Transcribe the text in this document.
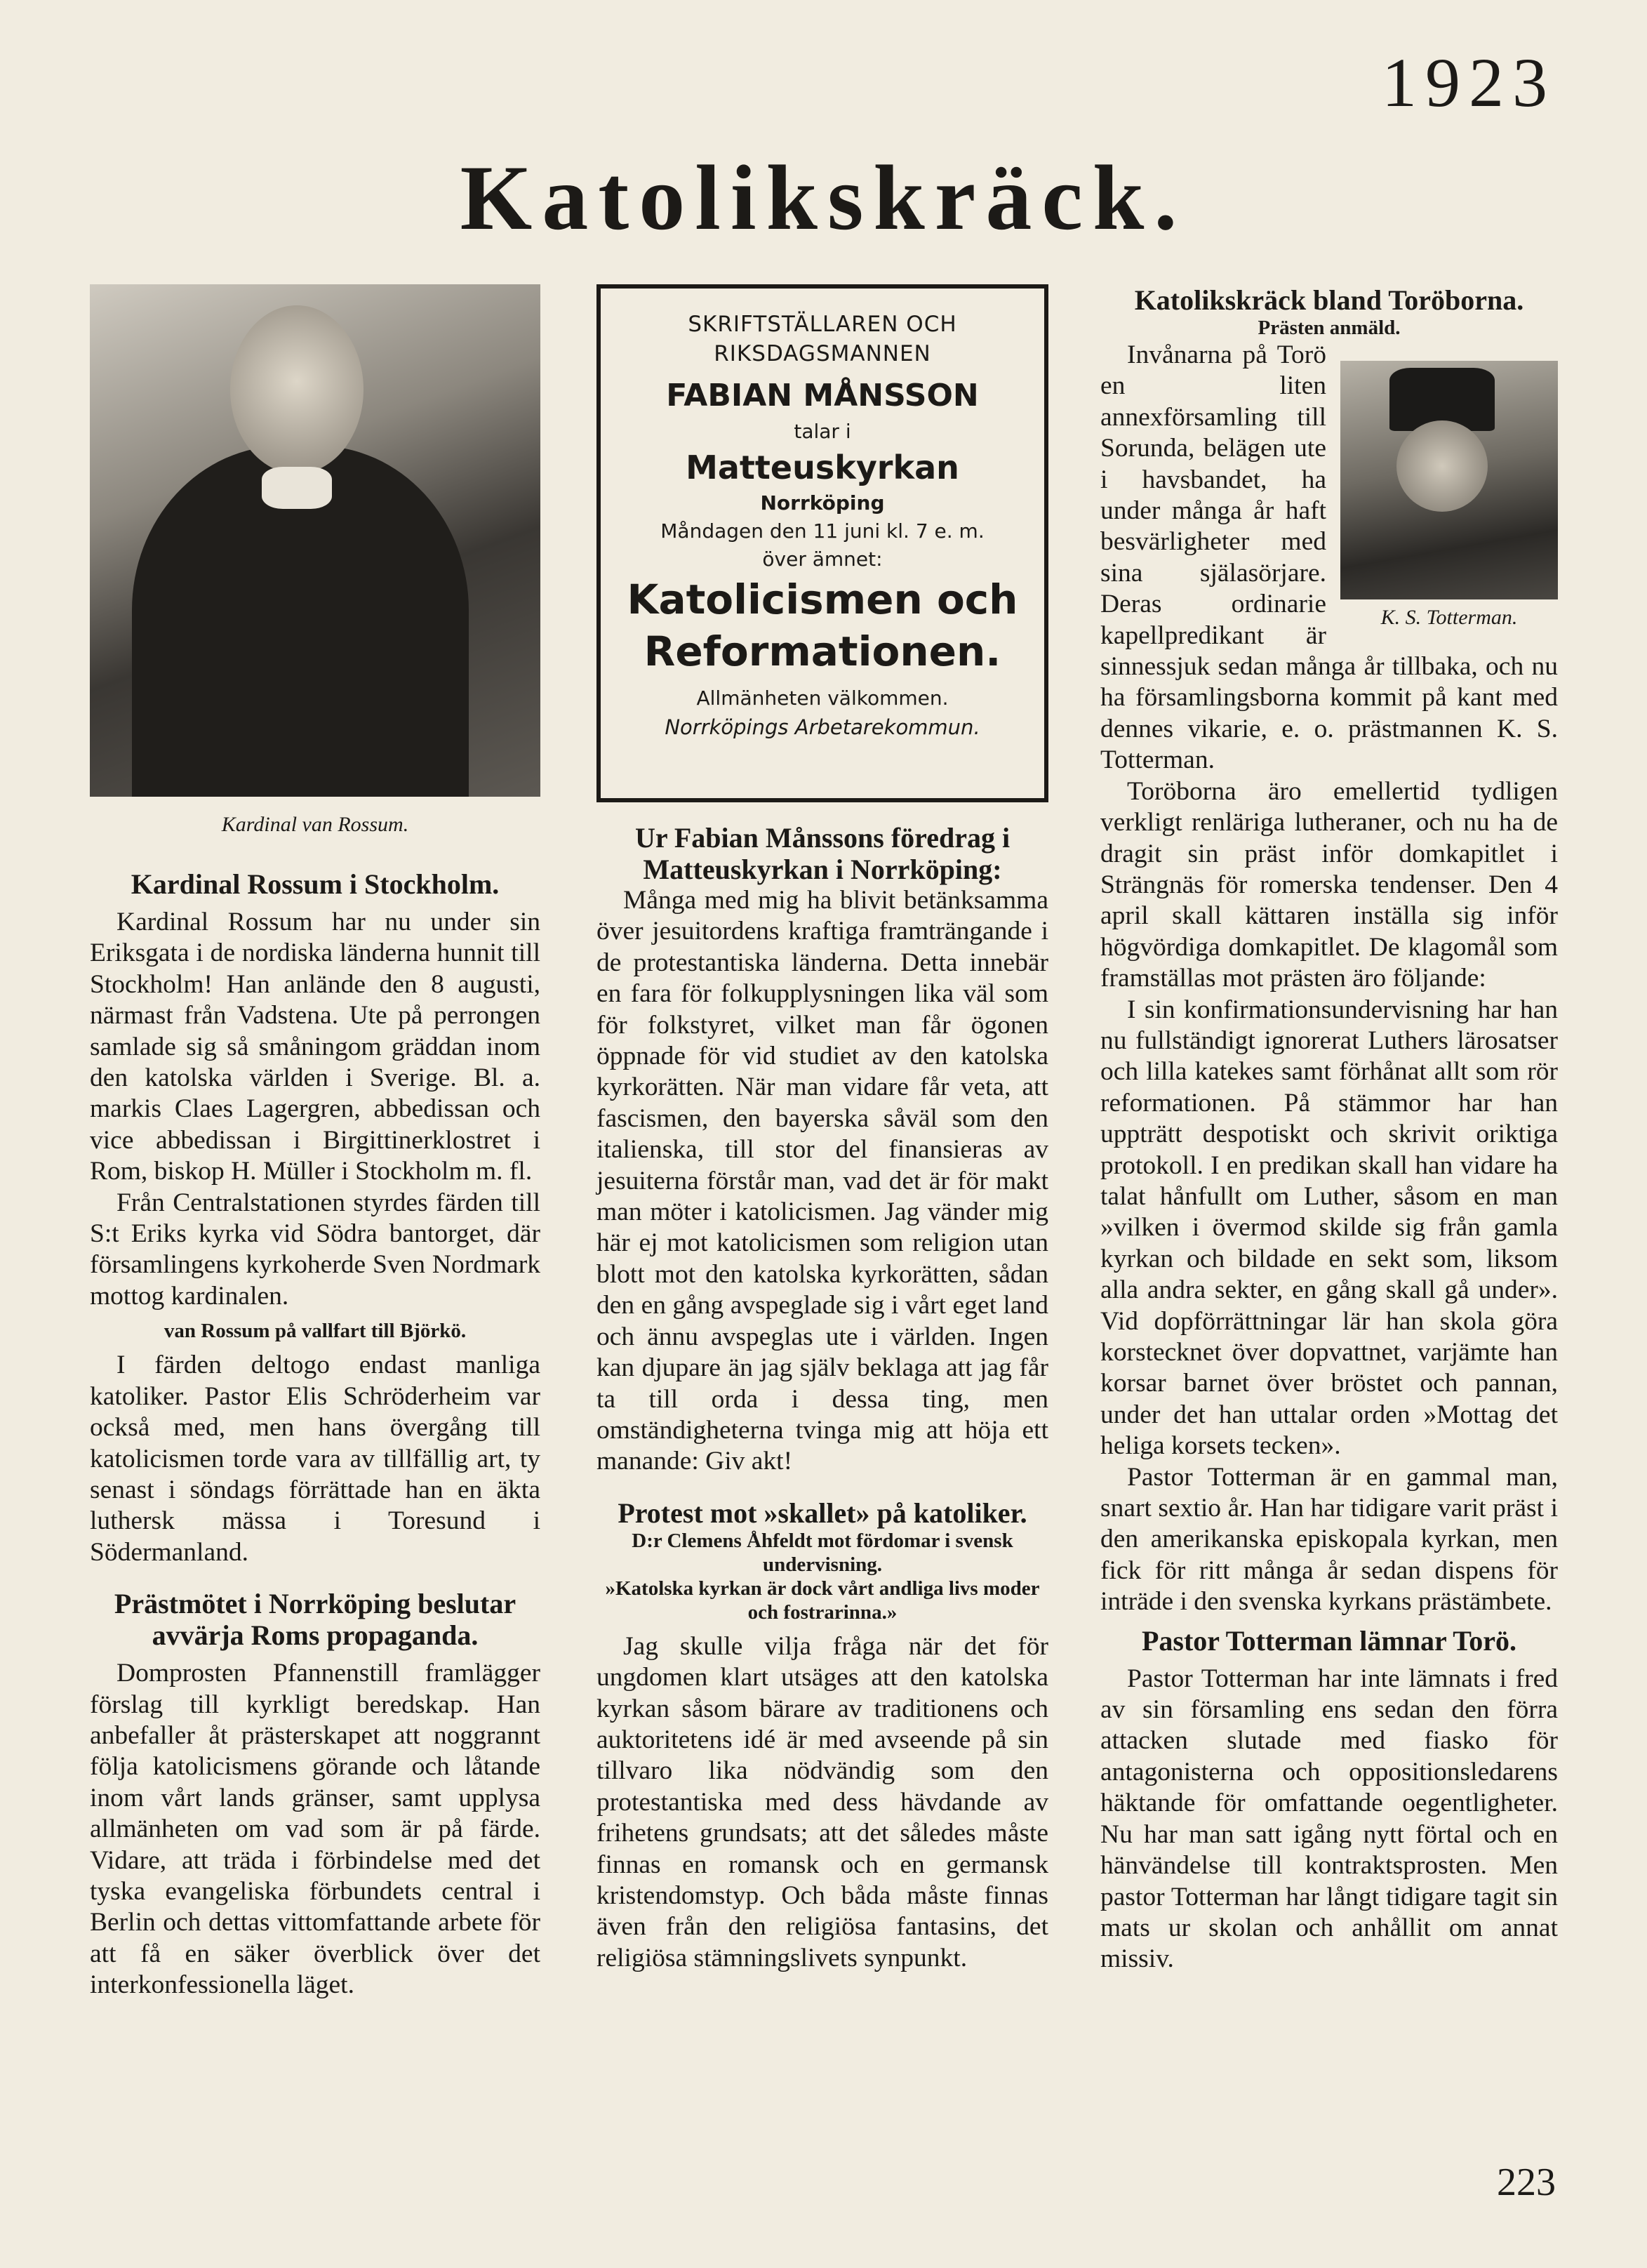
1923
Katolikskräck.
Kardinal van Rossum.
Kardinal Rossum i Stockholm.

Kardinal Rossum har nu under sin Eriksgata i de nordiska länderna hunnit till Stockholm! Han anlände den 8 augusti, närmast från Vadstena. Ute på perrongen samlade sig så småningom gräddan inom den katolska världen i Sverige. Bl. a. markis Claes Lagergren, abbedissan och vice abbedissan i Birgittinerklostret i Rom, biskop H. Müller i Stockholm m. fl.

Från Centralstationen styrdes färden till S:t Eriks kyrka vid Södra bantorget, där församlingens kyrkoherde Sven Nordmark mottog kardinalen.

van Rossum på vallfart till Björkö.

I färden deltogo endast manliga katoliker. Pastor Elis Schröderheim var också med, men hans övergång till katolicismen torde vara av tillfällig art, ty senast i söndags förrättade han en äkta luthersk mässa i Toresund i Södermanland.

Prästmötet i Norrköping beslutar avvärja Roms propaganda.

Domprosten Pfannenstill framlägger förslag till kyrkligt beredskap. Han anbefaller åt prästerskapet att noggrannt följa katolicismens görande och låtande inom vårt lands gränser, samt upplysa allmänheten om vad som är på färde. Vidare, att träda i förbindelse med det tyska evangeliska förbundets central i Berlin och dettas vittomfattande arbete för att få en säker överblick över det interkonfessionella läget.

SKRIFTSTÄLLAREN OCH
RIKSDAGSMANNEN
FABIAN MÅNSSON
talar i
Matteuskyrkan
Norrköping
Måndagen den 11 juni kl. 7 e. m.
över ämnet:
Katolicismen och
Reformationen.
Allmänheten välkommen.
Norrköpings Arbetarekommun.
Ur Fabian Månssons föredrag i Matteuskyrkan i Norrköping:

Många med mig ha blivit betänksamma över jesuitordens kraftiga framträngande i de protestantiska länderna. Detta innebär en fara för folkupplysningen lika väl som för folkstyret, vilket man får ögonen öppnade för vid studiet av den katolska kyrkorätten. När man vidare får veta, att fascismen, den bayerska såväl som den italienska, till stor del finansieras av jesuiterna förstår man, vad det är för makt man möter i katolicismen. Jag vänder mig här ej mot katolicismen som religion utan blott mot den katolska kyrkorätten, sådan den en gång avspeglade sig i vårt eget land och ännu avspeglas ute i världen. Ingen kan djupare än jag själv beklaga att jag får ta till orda i dessa ting, men omständigheterna tvinga mig att höja ett manande: Giv akt!

Protest mot »skallet» på katoliker.
D:r Clemens Åhfeldt mot fördomar i svensk undervisning.
»Katolska kyrkan är dock vårt andliga livs moder och fostrarinna.»

Jag skulle vilja fråga när det för ungdomen klart utsäges att den katolska kyrkan såsom bärare av traditionens och auktoritetens idé är med avseende på sin tillvaro lika nödvändig som den protestantiska med dess hävdande av frihetens grundsats; att det således måste finnas en romansk och en germansk kristendomstyp. Och båda måste finnas även från den religiösa fantasins, det religiösa stämningslivets synpunkt.

Katolikskräck bland Toröborna.
Prästen anmäld.
K. S. Totterman.

Invånarna på Torö en liten annexförsamling till Sorunda, belägen ute i havsbandet, ha under många år haft besvärligheter med sina själasörjare. Deras ordinarie kapellpredikant är sinnessjuk sedan många år tillbaka, och nu ha församlingsborna kommit på kant med dennes vikarie, e. o. prästmannen K. S. Totterman.

Toröborna äro emellertid tydligen verkligt renläriga lutheraner, och nu ha de dragit sin präst inför domkapitlet i Strängnäs för romerska tendenser. Den 4 april skall kättaren inställa sig inför högvördiga domkapitlet. De klagomål som framställas mot prästen äro följande:

I sin konfirmationsundervisning har han nu fullständigt ignorerat Luthers lärosatser och lilla katekes samt förhånat allt som rör reformationen. På stämmor har han uppträtt despotiskt och skrivit oriktiga protokoll. I en predikan skall han vidare ha talat hånfullt om Luther, såsom en man »vilken i övermod skilde sig från gamla kyrkan och bildade en sekt som, liksom alla andra sekter, en gång skall gå under». Vid dopförrättningar lär han skola göra korstecknet över dopvattnet, varjämte han korsar barnet över bröstet och pannan, under det han uttalar orden »Mottag det heliga korsets tecken».

Pastor Totterman är en gammal man, snart sextio år. Han har tidigare varit präst i den amerikanska episkopala kyrkan, men fick för ritt många år sedan dispens för inträde i den svenska kyrkans prästämbete.

Pastor Totterman lämnar Torö.

Pastor Totterman har inte lämnats i fred av sin församling ens sedan den förra attacken slutade med fiasko för antagonisterna och oppositionsledarens häktande för omfattande oegentligheter. Nu har man satt igång nytt förtal och en hänvändelse till kontraktsprosten. Men pastor Totterman har långt tidigare tagit sin mats ur skolan och anhållit om annat missiv.

223
